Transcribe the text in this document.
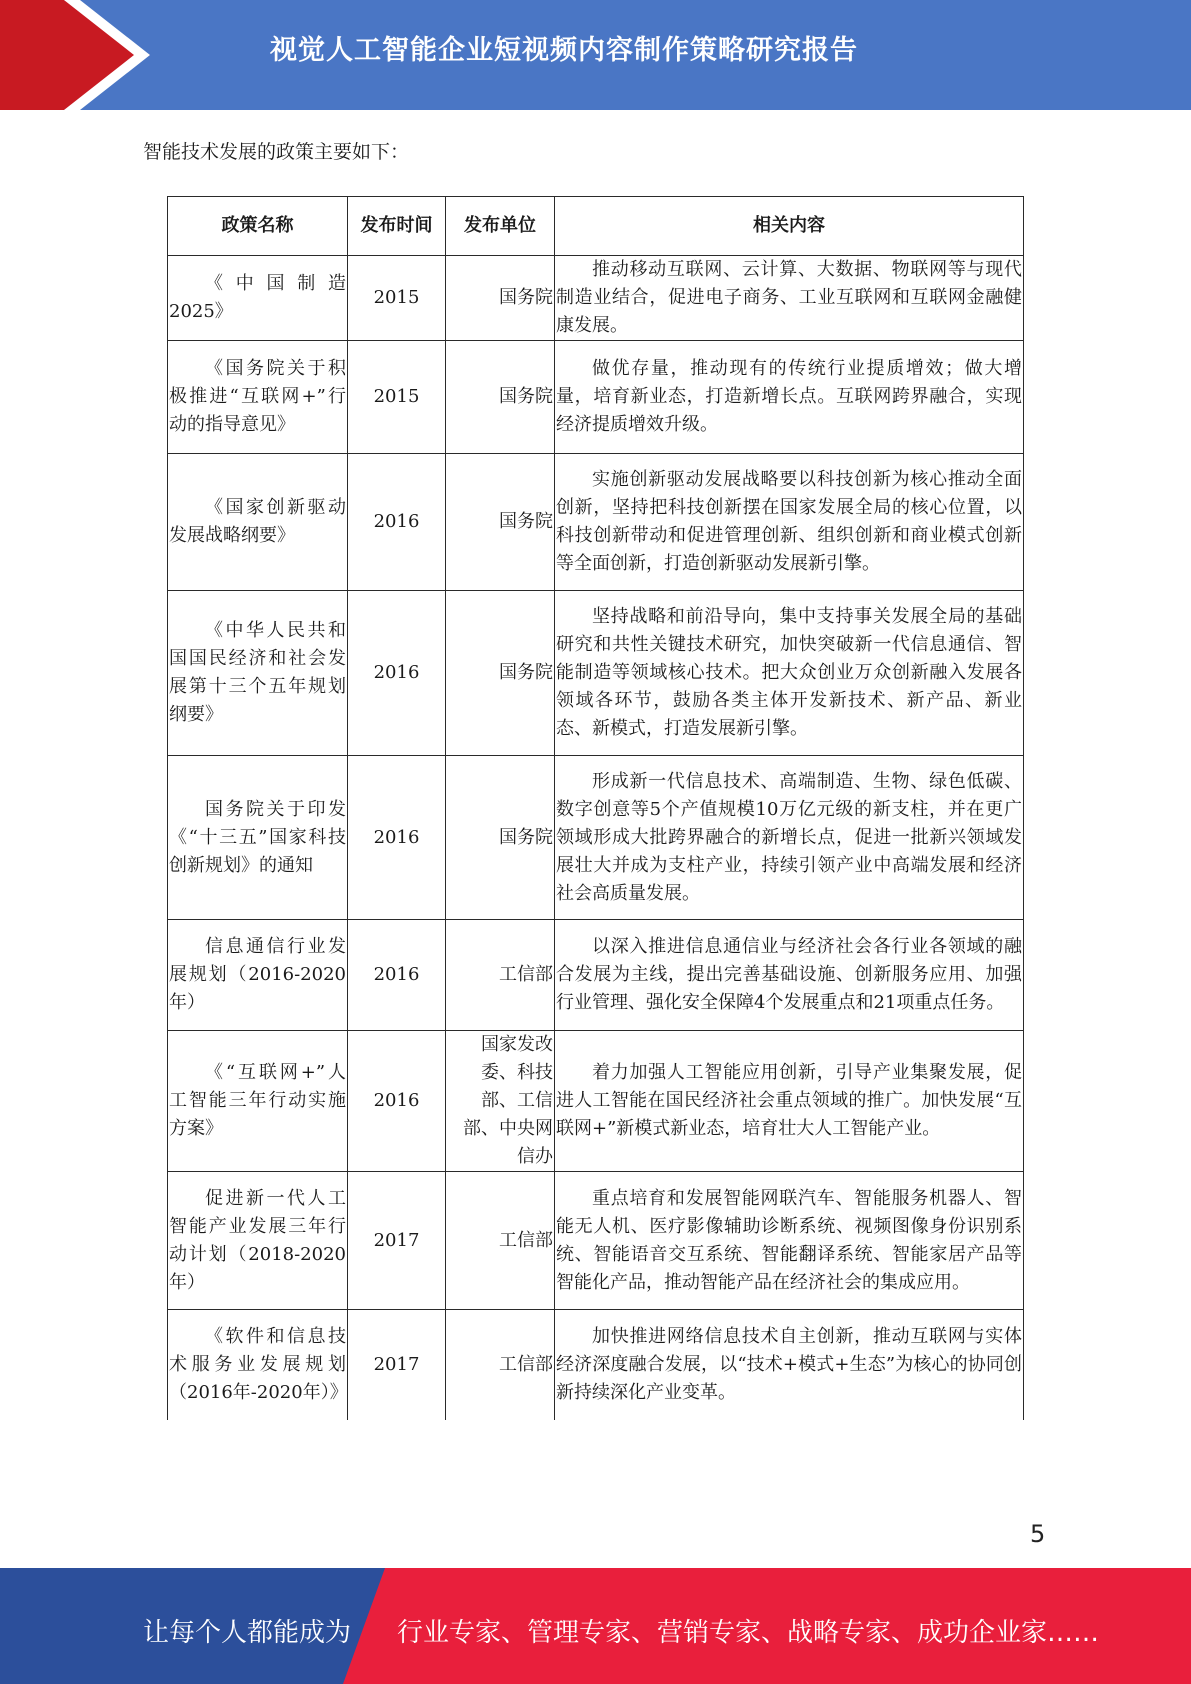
视觉人工智能企业短视频内容制作策略研究报告
智能技术发展的政策主要如下：
政策名称	发布时间	发布单位	相关内容
《中国制造2025》	2015	国务院	推动移动互联网、云计算、大数据、物联网等与现代制造业结合，促进电子商务、工业互联网和互联网金融健康发展。
《国务院关于积极推进“互联网+”行动的指导意见》	2015	国务院	做优存量，推动现有的传统行业提质增效；做大增量，培育新业态，打造新增长点。互联网跨界融合，实现经济提质增效升级。
《国家创新驱动发展战略纲要》	2016	国务院	实施创新驱动发展战略要以科技创新为核心推动全面创新，坚持把科技创新摆在国家发展全局的核心位置，以科技创新带动和促进管理创新、组织创新和商业模式创新等全面创新，打造创新驱动发展新引擎。
《中华人民共和国国民经济和社会发展第十三个五年规划纲要》	2016	国务院	坚持战略和前沿导向，集中支持事关发展全局的基础研究和共性关键技术研究，加快突破新一代信息通信、智能制造等领域核心技术。把大众创业万众创新融入发展各领域各环节，鼓励各类主体开发新技术、新产品、新业态、新模式，打造发展新引擎。
国务院关于印发《“十三五”国家科技创新规划》的通知	2016	国务院	形成新一代信息技术、高端制造、生物、绿色低碳、数字创意等5个产值规模10万亿元级的新支柱，并在更广领域形成大批跨界融合的新增长点，促进一批新兴领域发展壮大并成为支柱产业，持续引领产业中高端发展和经济社会高质量发展。
信息通信行业发展规划（2016-2020年）	2016	工信部	以深入推进信息通信业与经济社会各行业各领域的融合发展为主线，提出完善基础设施、创新服务应用、加强行业管理、强化安全保障4个发展重点和21项重点任务。
《“互联网+”人工智能三年行动实施方案》	2016	国家发改委、科技部、工信部、中央网信办	着力加强人工智能应用创新，引导产业集聚发展，促进人工智能在国民经济社会重点领域的推广。加快发展“互联网+”新模式新业态，培育壮大人工智能产业。
促进新一代人工智能产业发展三年行动计划（2018-2020年）	2017	工信部	重点培育和发展智能网联汽车、智能服务机器人、智能无人机、医疗影像辅助诊断系统、视频图像身份识别系统、智能语音交互系统、智能翻译系统、智能家居产品等智能化产品，推动智能产品在经济社会的集成应用。
《软件和信息技术服务业发展规划（2016年-2020年）》	2017	工信部	加快推进网络信息技术自主创新，推动互联网与实体经济深度融合发展，以“技术+模式+生态”为核心的协同创新持续深化产业变革。
5
让每个人都能成为 行业专家、管理专家、营销专家、战略专家、成功企业家……
